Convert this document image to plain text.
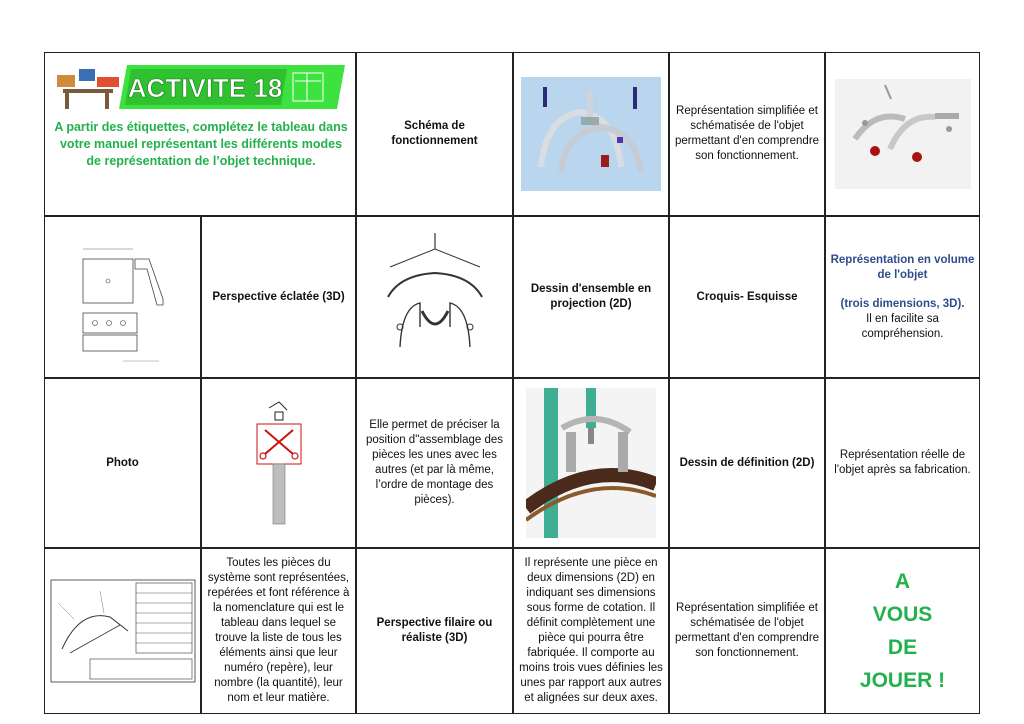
ACTIVITE 18
A partir des étiquettes, complétez le tableau dans votre manuel représentant les différents modes de représentation de l’objet technique.
Schéma de fonctionnement
Représentation simplifiée et schématisée de l'objet permettant d'en comprendre son fonctionnement.
Perspective éclatée (3D)
Dessin d'ensemble en projection (2D)
Croquis- Esquisse
Représentation en volume de l'objet
(trois dimensions, 3D).
Il en facilite sa compréhension.
Photo
Elle permet de préciser la position d"assemblage des pièces les unes avec les autres (et par là même, l’ordre de montage des pièces).
Dessin de définition (2D)
Représentation réelle de l'objet après sa fabrication.
Toutes les pièces du système sont représentées, repérées et font référence à la nomenclature qui est le tableau dans lequel se trouve la liste de tous les éléments ainsi que leur numéro (repère), leur nombre (la quantité), leur nom et leur matière.
Perspective filaire ou réaliste (3D)
Il représente une pièce en deux dimensions (2D) en indiquant ses dimensions sous forme de cotation. Il définit complètement une pièce qui pourra être fabriquée. Il comporte au moins trois vues définies les unes par rapport aux autres et alignées sur deux axes.
Représentation simplifiée et schématisée de l'objet permettant d'en comprendre son fonctionnement.
A
VOUS
DE
JOUER !
